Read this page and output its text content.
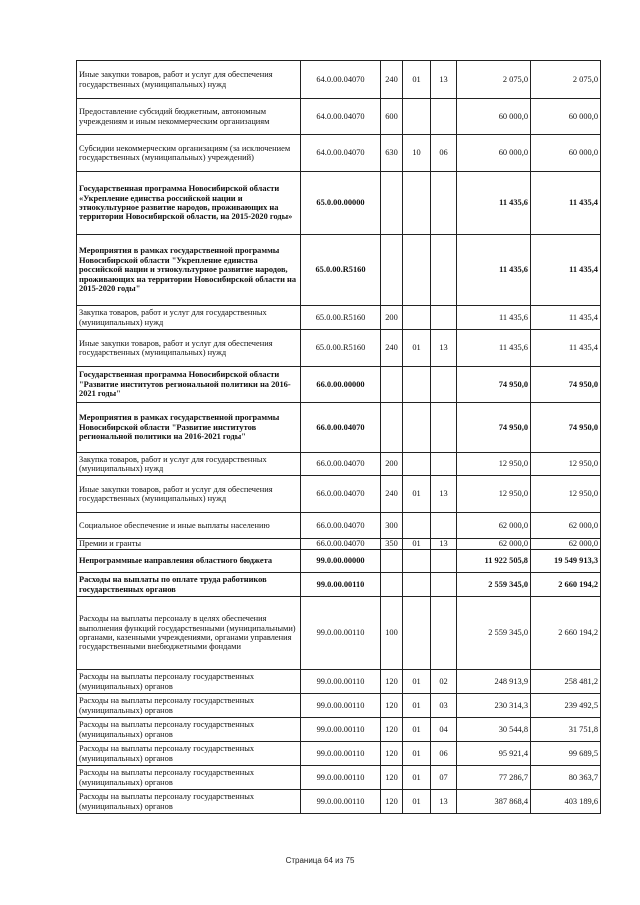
Иные закупки товаров, работ и услуг для обеспечения государственных (муниципальных) нужд	64.0.00.04070	240	01	13	2 075,0	2 075,0
Предоставление субсидий бюджетным, автономным учреждениям и иным некоммерческим организациям	64.0.00.04070	600			60 000,0	60 000,0
Субсидии некоммерческим организациям (за исключением государственных (муниципальных) учреждений)	64.0.00.04070	630	10	06	60 000,0	60 000,0
Государственная программа Новосибирской области «Укрепление единства российской нации и этнокультурное развитие народов, проживающих на территории Новосибирской области, на 2015-2020 годы»	65.0.00.00000				11 435,6	11 435,4
Мероприятия в рамках государственной программы Новосибирской области "Укрепление единства российской нации и этнокультурное развитие народов, проживающих на территории Новосибирской области на 2015-2020 годы"	65.0.00.R5160				11 435,6	11 435,4
Закупка товаров, работ и услуг для государственных (муниципальных) нужд	65.0.00.R5160	200			11 435,6	11 435,4
Иные закупки товаров, работ и услуг для обеспечения государственных (муниципальных) нужд	65.0.00.R5160	240	01	13	11 435,6	11 435,4
Государственная программа Новосибирской области "Развитие институтов региональной политики на 2016-2021 годы"	66.0.00.00000				74 950,0	74 950,0
Мероприятия в рамках государственной программы Новосибирской области "Развитие институтов региональной политики на 2016-2021 годы"	66.0.00.04070				74 950,0	74 950,0
Закупка товаров, работ и услуг для государственных (муниципальных) нужд	66.0.00.04070	200			12 950,0	12 950,0
Иные закупки товаров, работ и услуг для обеспечения государственных (муниципальных) нужд	66.0.00.04070	240	01	13	12 950,0	12 950,0
Социальное обеспечение и иные выплаты населению	66.0.00.04070	300			62 000,0	62 000,0
Премии и гранты	66.0.00.04070	350	01	13	62 000,0	62 000,0
Непрограммные направления областного бюджета	99.0.00.00000				11 922 505,8	19 549 913,3
Расходы на выплаты по оплате труда работников государственных органов	99.0.00.00110				2 559 345,0	2 660 194,2
Расходы на выплаты персоналу в целях обеспечения выполнения функций государственными (муниципальными) органами, казенными учреждениями, органами управления государственными внебюджетными фондами	99.0.00.00110	100			2 559 345,0	2 660 194,2
Расходы на выплаты персоналу государственных (муниципальных) органов	99.0.00.00110	120	01	02	248 913,9	258 481,2
Расходы на выплаты персоналу государственных (муниципальных) органов	99.0.00.00110	120	01	03	230 314,3	239 492,5
Расходы на выплаты персоналу государственных (муниципальных) органов	99.0.00.00110	120	01	04	30 544,8	31 751,8
Расходы на выплаты персоналу государственных (муниципальных) органов	99.0.00.00110	120	01	06	95 921,4	99 689,5
Расходы на выплаты персоналу государственных (муниципальных) органов	99.0.00.00110	120	01	07	77 286,7	80 363,7
Расходы на выплаты персоналу государственных (муниципальных) органов	99.0.00.00110	120	01	13	387 868,4	403 189,6
Страница 64 из 75
